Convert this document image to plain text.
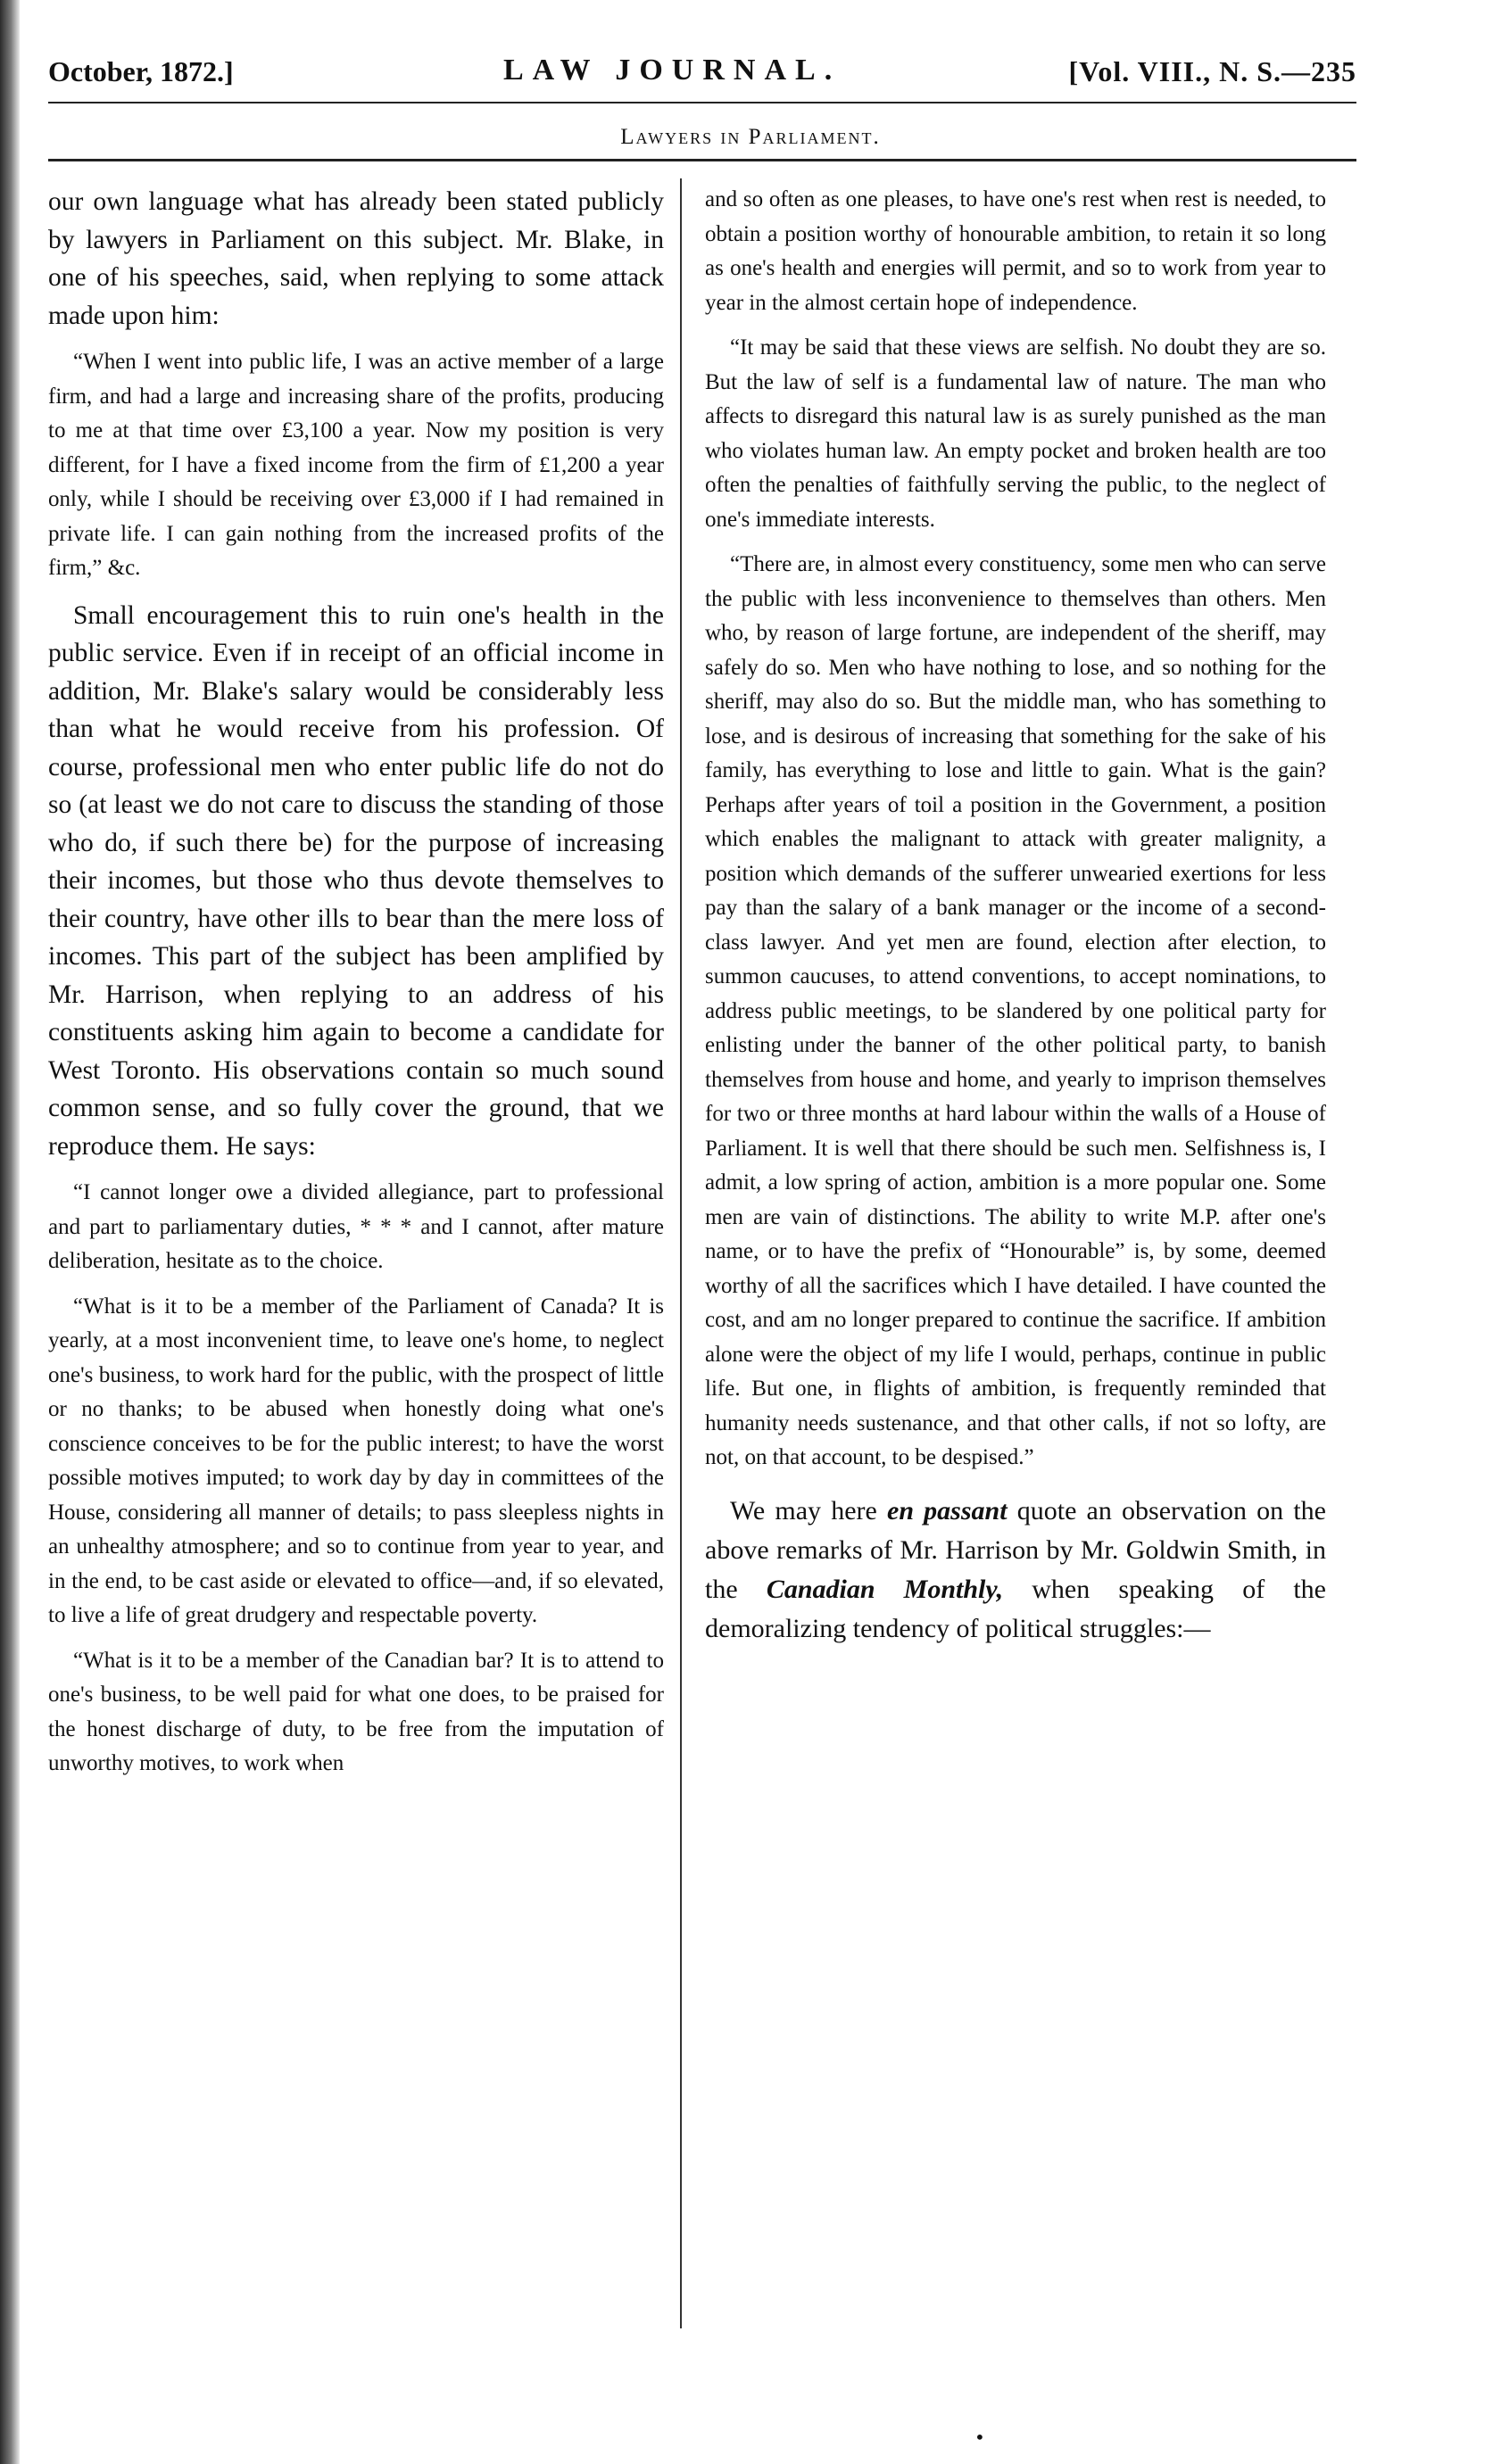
October, 1872.]	LAW JOURNAL.	[Vol. VIII., N. S.—235
Lawyers in Parliament.

our own language what has already been stated publicly by lawyers in Parliament on this subject. Mr. Blake, in one of his speeches, said, when replying to some attack made upon him:

“When I went into public life, I was an active member of a large firm, and had a large and increasing share of the profits, producing to me at that time over £3,100 a year. Now my position is very different, for I have a fixed income from the firm of £1,200 a year only, while I should be receiving over £3,000 if I had remained in private life. I can gain nothing from the increased profits of the firm,” &c.

Small encouragement this to ruin one's health in the public service. Even if in receipt of an official income in addition, Mr. Blake's salary would be considerably less than what he would receive from his profession. Of course, professional men who enter public life do not do so (at least we do not care to discuss the standing of those who do, if such there be) for the purpose of increasing their incomes, but those who thus devote themselves to their country, have other ills to bear than the mere loss of incomes. This part of the subject has been amplified by Mr. Harrison, when replying to an address of his constituents asking him again to become a candidate for West Toronto. His observations contain so much sound common sense, and so fully cover the ground, that we reproduce them. He says:

“I cannot longer owe a divided allegiance, part to professional and part to parliamentary duties, * * * and I cannot, after mature deliberation, hesitate as to the choice.

“What is it to be a member of the Parliament of Canada? It is yearly, at a most inconvenient time, to leave one's home, to neglect one's business, to work hard for the public, with the prospect of little or no thanks; to be abused when honestly doing what one's conscience conceives to be for the public interest; to have the worst possible motives imputed; to work day by day in committees of the House, considering all manner of details; to pass sleepless nights in an unhealthy atmosphere; and so to continue from year to year, and in the end, to be cast aside or elevated to office—and, if so elevated, to live a life of great drudgery and respectable poverty.

“What is it to be a member of the Canadian bar? It is to attend to one's business, to be well paid for what one does, to be praised for the honest discharge of duty, to be free from the imputation of unworthy motives, to work when

and so often as one pleases, to have one's rest when rest is needed, to obtain a position worthy of honourable ambition, to retain it so long as one's health and energies will permit, and so to work from year to year in the almost certain hope of independence.

“It may be said that these views are selfish. No doubt they are so. But the law of self is a fundamental law of nature. The man who affects to disregard this natural law is as surely punished as the man who violates human law. An empty pocket and broken health are too often the penalties of faithfully serving the public, to the neglect of one's immediate interests.

“There are, in almost every constituency, some men who can serve the public with less inconvenience to themselves than others. Men who, by reason of large fortune, are independent of the sheriff, may safely do so. Men who have nothing to lose, and so nothing for the sheriff, may also do so. But the middle man, who has something to lose, and is desirous of increasing that something for the sake of his family, has everything to lose and little to gain. What is the gain? Perhaps after years of toil a position in the Government, a position which enables the malignant to attack with greater malignity, a position which demands of the sufferer unwearied exertions for less pay than the salary of a bank manager or the income of a second-class lawyer. And yet men are found, election after election, to summon caucuses, to attend conventions, to accept nominations, to address public meetings, to be slandered by one political party for enlisting under the banner of the other political party, to banish themselves from house and home, and yearly to imprison themselves for two or three months at hard labour within the walls of a House of Parliament. It is well that there should be such men. Selfishness is, I admit, a low spring of action, ambition is a more popular one. Some men are vain of distinctions. The ability to write M.P. after one's name, or to have the prefix of “Honourable” is, by some, deemed worthy of all the sacrifices which I have detailed. I have counted the cost, and am no longer prepared to continue the sacrifice. If ambition alone were the object of my life I would, perhaps, continue in public life. But one, in flights of ambition, is frequently reminded that humanity needs sustenance, and that other calls, if not so lofty, are not, on that account, to be despised.”

We may here en passant quote an observation on the above remarks of Mr. Harrison by Mr. Goldwin Smith, in the Canadian Monthly, when speaking of the demoralizing tendency of political struggles:—

•
